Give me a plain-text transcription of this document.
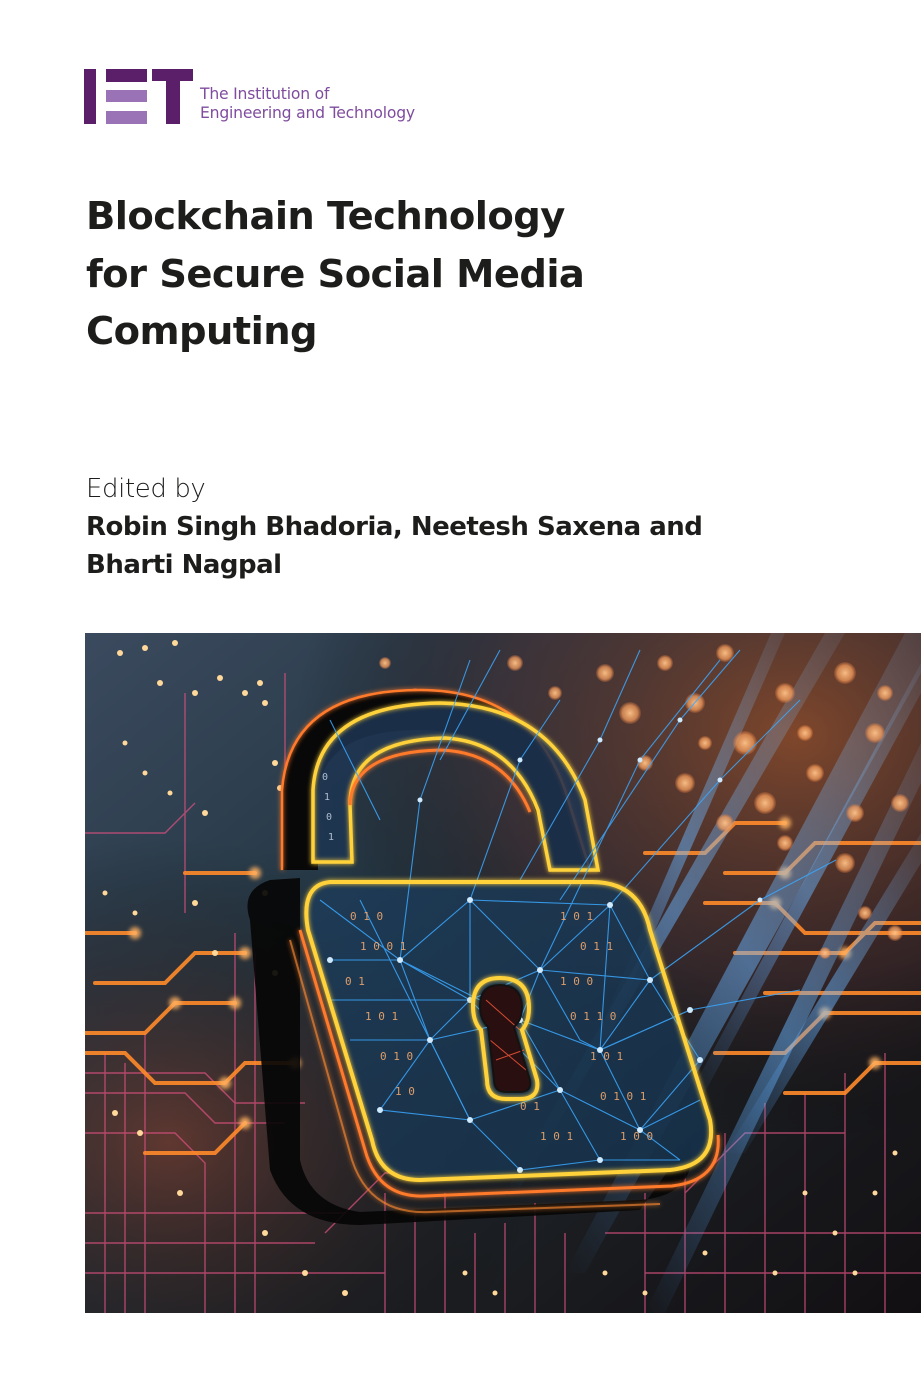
The Institution of
Engineering and Technology
Blockchain Technology
for Secure Social Media
Computing
Edited by
Robin Singh Bhadoria, Neetesh Saxena and
Bharti Nagpal
0 1 0
1 0 0 1
0 1
1 0 1
0 1 0
1 0
1 0 1
0 1 1
1 0 0
0 1 1 0
1 0 1
0 1 0 1
1 0 0
0 1
1 0 1
0
1
0
1
